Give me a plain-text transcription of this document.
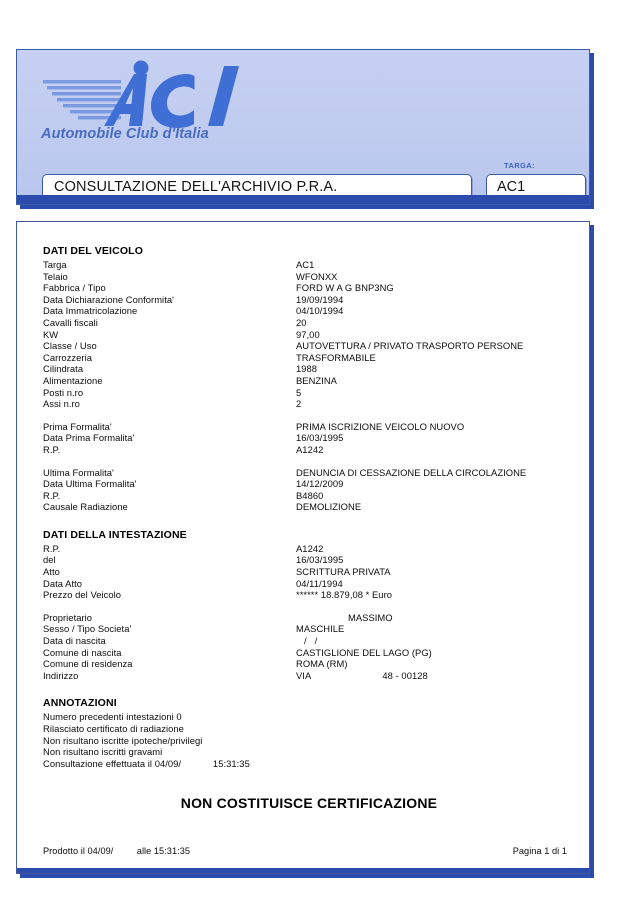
Automobile Club d'Italia
CONSULTAZIONE DELL'ARCHIVIO P.R.A.
TARGA:
AC1
DATI DEL VEICOLO
Targa	AC1
Telaio	WFONXX
Fabbrica / Tipo	FORD W A G BNP3NG
Data Dichiarazione Conformita'	19/09/1994
Data Immatricolazione	04/10/1994
Cavalli fiscali	20
KW	97,00
Classe / Uso	AUTOVETTURA / PRIVATO TRASPORTO PERSONE
Carrozzeria	TRASFORMABILE
Cilindrata	1988
Alimentazione	BENZINA
Posti n.ro	5
Assi n.ro	2
Prima Formalita'	PRIMA ISCRIZIONE VEICOLO NUOVO
Data Prima Formalita'	16/03/1995
R.P.	A1242
Ultima Formalita'	DENUNCIA DI CESSAZIONE DELLA CIRCOLAZIONE
Data Ultima Formalita'	14/12/2009
R.P.	B4860
Causale Radiazione	DEMOLIZIONE
DATI DELLA INTESTAZIONE
R.P.	A1242
del	16/03/1995
Atto	SCRITTURA PRIVATA
Data Atto	04/11/1994
Prezzo del Veicolo	****** 18.879,08 * Euro
Proprietario	MASSIMO
Sesso / Tipo Societa'	MASCHILE
Data di nascita	/   /
Comune di nascita	CASTIGLIONE DEL LAGO (PG)
Comune di residenza	ROMA (RM)
Indirizzo	VIA                           48 - 00128
ANNOTAZIONI
Numero precedenti intestazioni 0
Rilasciato certificato di radiazione
Non risultano iscritte ipoteche/privilegi
Non risultano iscritti gravami
Consultazione effettuata il 04/09/            15:31:35
NON COSTITUISCE CERTIFICAZIONE
Prodotto il 04/09/         alle 15:31:35	Pagina 1 di 1
